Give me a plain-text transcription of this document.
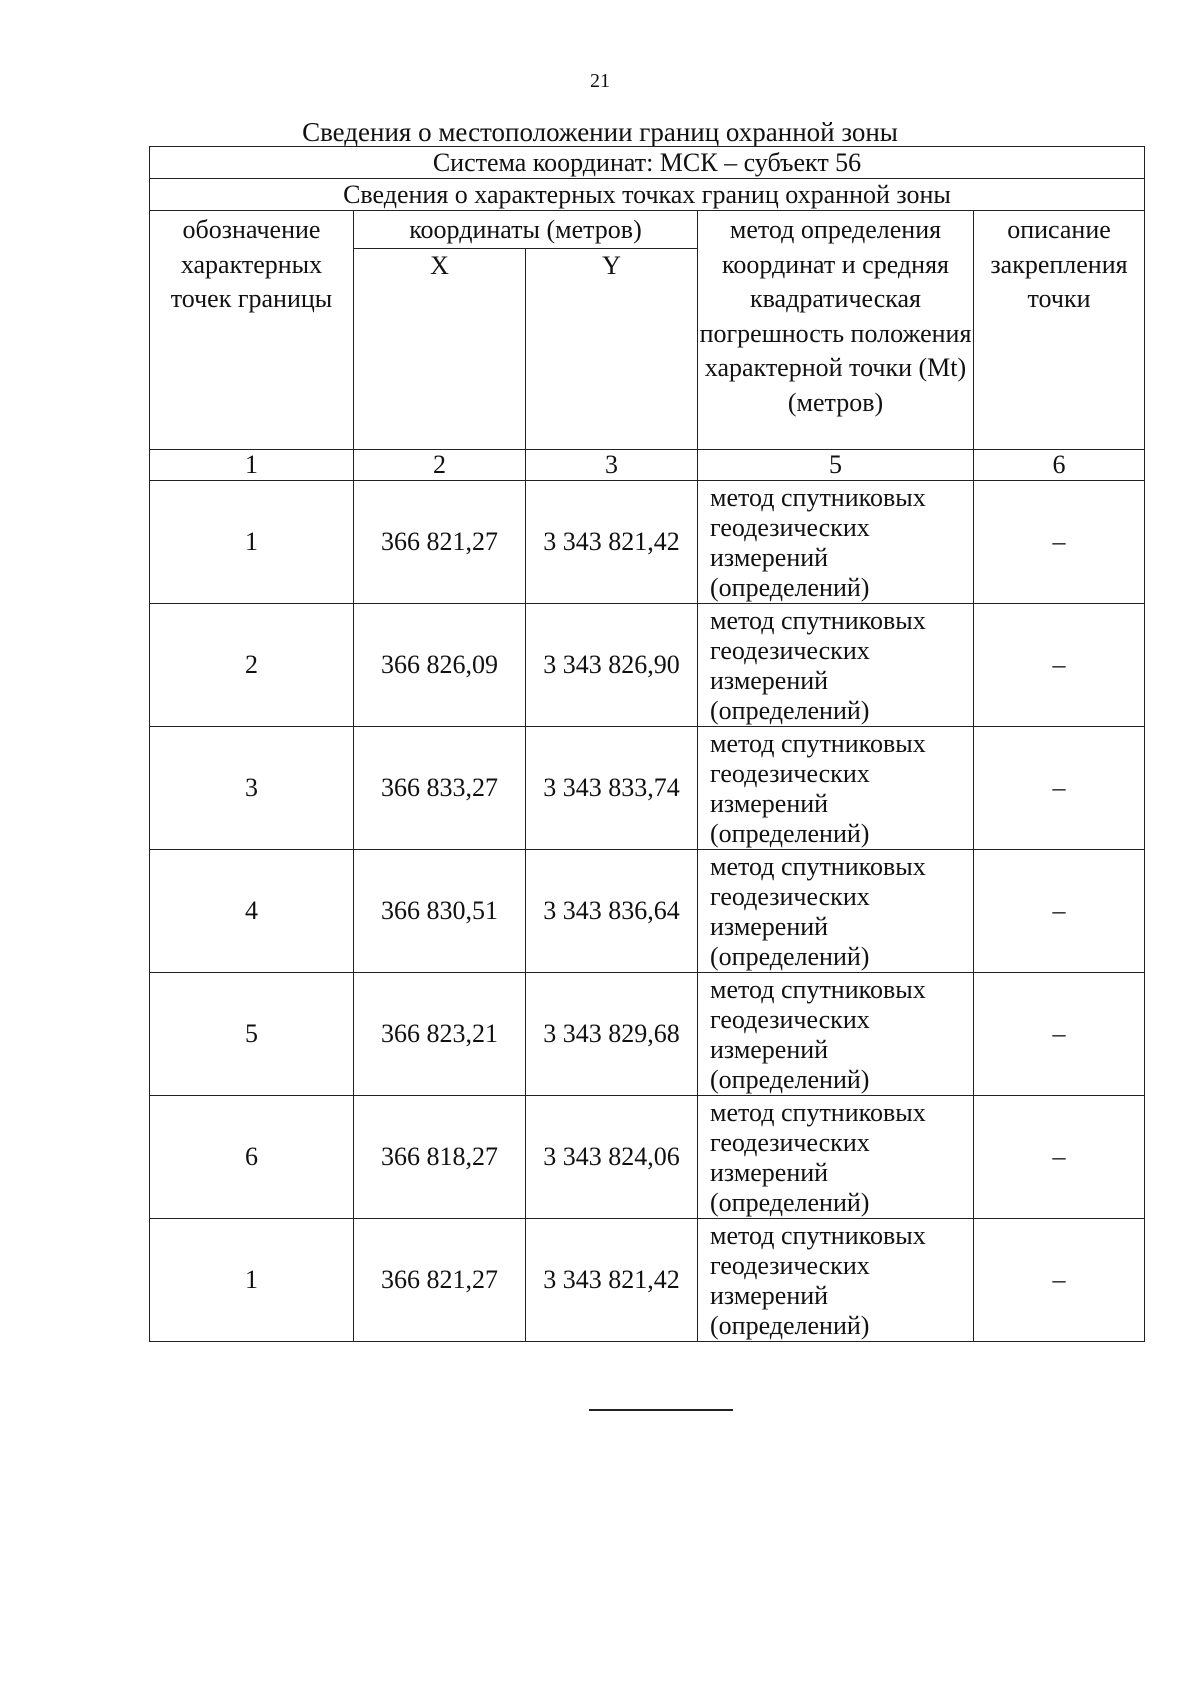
21
Сведения о местоположении границ охранной зоны
Система координат: МСК – субъект 56				
Сведения о характерных точках границ охранной зоны				
обозначение характерных точек границы	координаты (метров)		метод определения координат и средняя квадратическая погрешность положения характерной точки (Mt) (метров)	описание закрепления точки
	X	Y		
1	2	3	5	6
1	366 821,27	3 343 821,42	метод спутниковых геодезических измерений (определений)	–
2	366 826,09	3 343 826,90	метод спутниковых геодезических измерений (определений)	–
3	366 833,27	3 343 833,74	метод спутниковых геодезических измерений (определений)	–
4	366 830,51	3 343 836,64	метод спутниковых геодезических измерений (определений)	–
5	366 823,21	3 343 829,68	метод спутниковых геодезических измерений (определений)	–
6	366 818,27	3 343 824,06	метод спутниковых геодезических измерений (определений)	–
1	366 821,27	3 343 821,42	метод спутниковых геодезических измерений (определений)	–
